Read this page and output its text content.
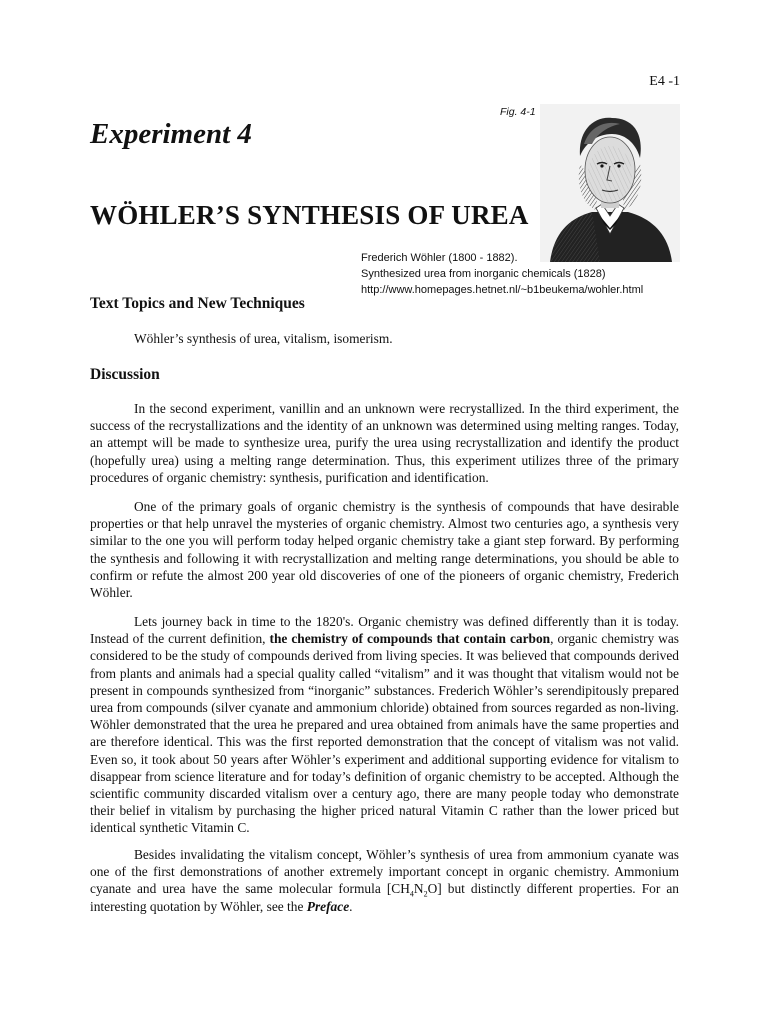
E4 -1
Fig. 4-1
Experiment 4
WÖHLER’S SYNTHESIS OF UREA
Frederich Wöhler (1800 - 1882).
Synthesized urea from inorganic chemicals (1828)
http://www.homepages.hetnet.nl/~b1beukema/wohler.html
Text Topics and New Techniques

Wöhler’s synthesis of urea, vitalism, isomerism.

Discussion

In the second experiment, vanillin and an unknown were recrystallized. In the third experiment, the success of the recrystallizations and the identity of an unknown was determined using melting ranges. Today, an attempt will be made to synthesize urea, purify the urea using recrystallization and identify the product (hopefully urea) using a melting range determination. Thus, this experiment utilizes three of the primary procedures of organic chemistry: synthesis, purification and identification.

One of the primary goals of organic chemistry is the synthesis of compounds that have desirable properties or that help unravel the mysteries of organic chemistry. Almost two centuries ago, a synthesis very similar to the one you will perform today helped organic chemistry take a giant step forward. By performing the synthesis and following it with recrystallization and melting range determinations, you should be able to confirm or refute the almost 200 year old discoveries of one of the pioneers of organic chemistry, Frederich Wöhler.

Lets journey back in time to the 1820's. Organic chemistry was defined differently than it is today. Instead of the current definition, the chemistry of compounds that contain carbon, organic chemistry was considered to be the study of compounds derived from living species. It was believed that compounds derived from plants and animals had a special quality called “vitalism” and it was thought that vitalism would not be present in compounds synthesized from “inorganic” substances. Frederich Wöhler’s serendipitously prepared urea from compounds (silver cyanate and ammonium chloride) obtained from sources regarded as non-living. Wöhler demonstrated that the urea he prepared and urea obtained from animals have the same properties and are therefore identical. This was the first reported demonstration that the concept of vitalism was not valid. Even so, it took about 50 years after Wöhler’s experiment and additional supporting evidence for vitalism to disappear from science literature and for today’s definition of organic chemistry to be accepted. Although the scientific community discarded vitalism over a century ago, there are many people today who demonstrate their belief in vitalism by purchasing the higher priced natural Vitamin C rather than the lower priced but identical synthetic Vitamin C.

Besides invalidating the vitalism concept, Wöhler’s synthesis of urea from ammonium cyanate was one of the first demonstrations of another extremely important concept in organic chemistry. Ammonium cyanate and urea have the same molecular formula $[CH_4N_2O]$ but distinctly different properties. For an interesting quotation by Wöhler, see the Preface.
